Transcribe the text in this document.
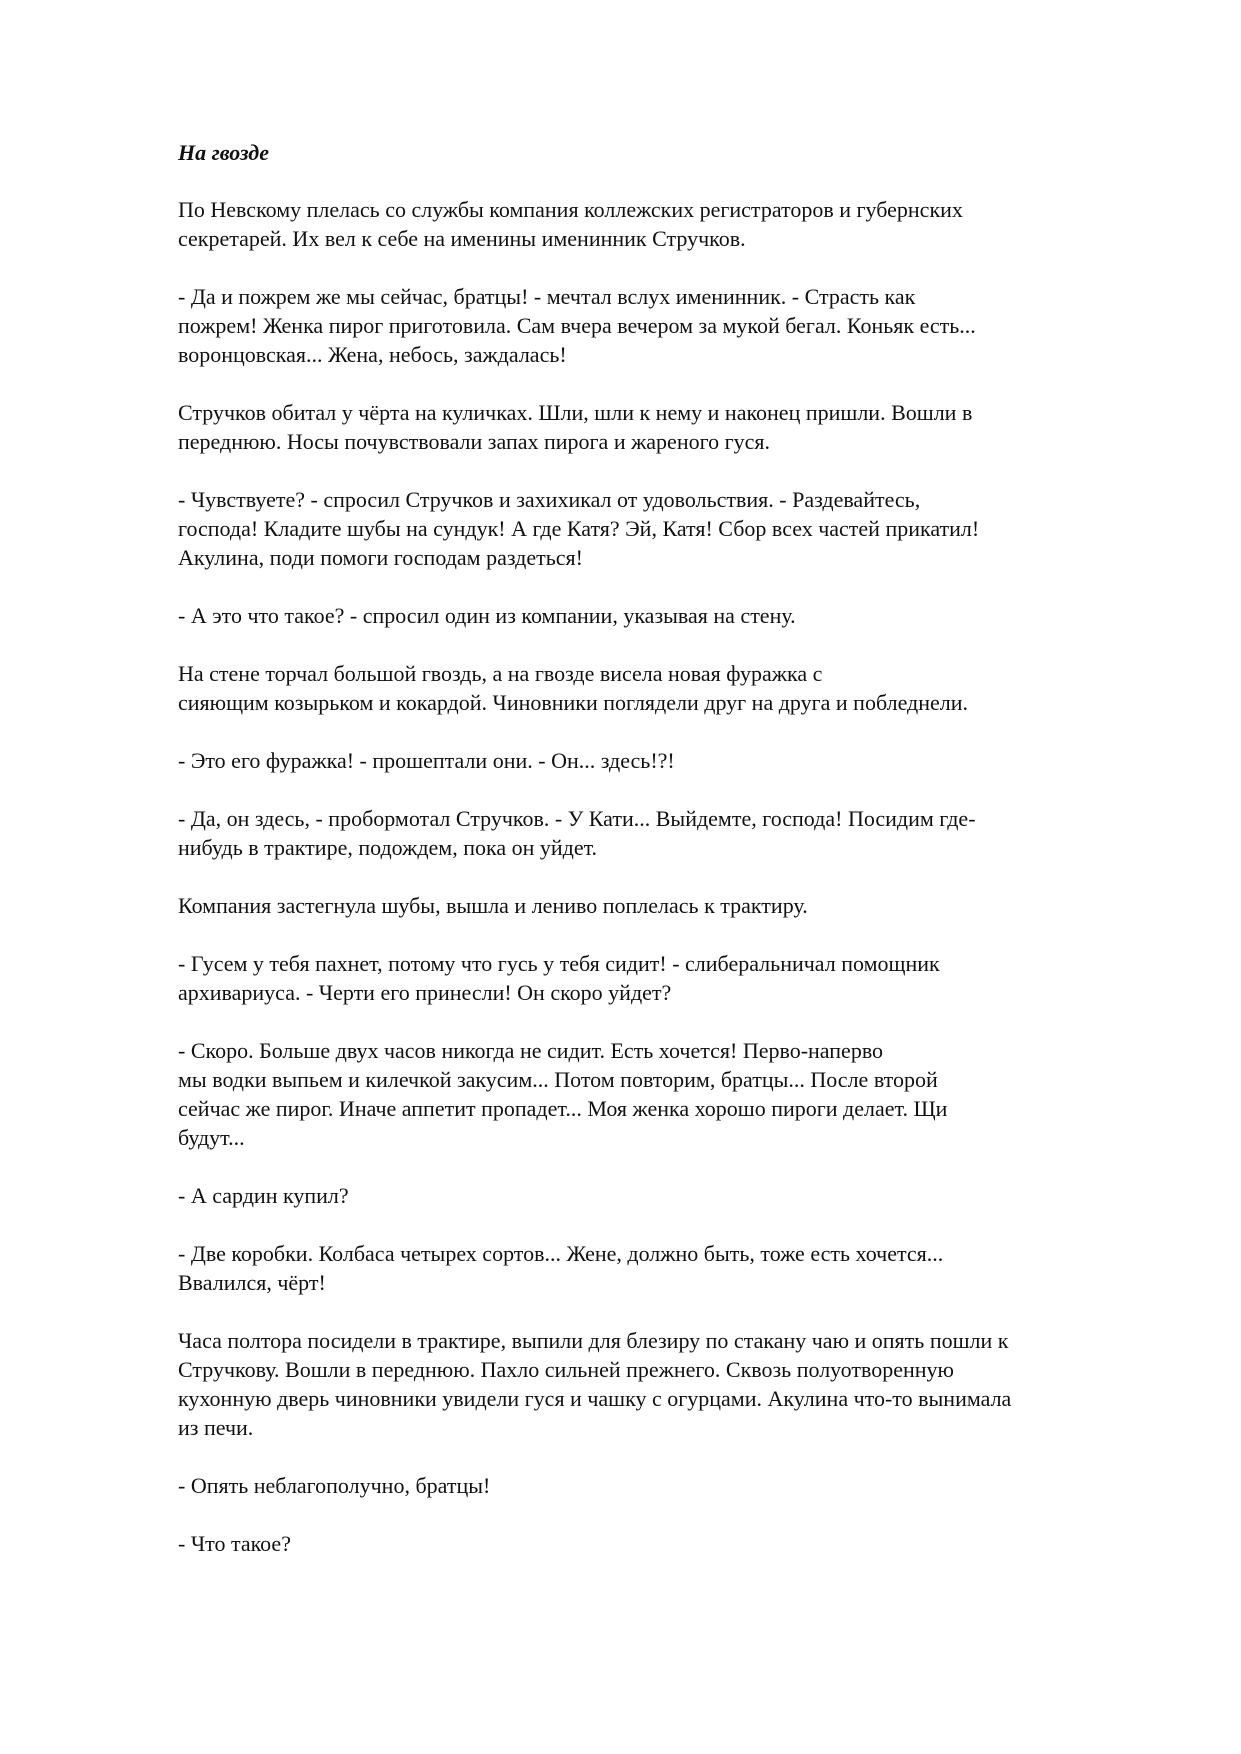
На гвозде
По Невскому плелась со службы компания коллежских регистраторов и губернских
секретарей. Их вел к себе на именины именинник Стручков.
- Да и пожрем же мы сейчас, братцы! - мечтал вслух именинник. - Страсть как
пожрем! Женка пирог приготовила. Сам вчера вечером за мукой бегал. Коньяк есть...
воронцовская... Жена, небось, заждалась!
Стручков обитал у чёрта на куличках. Шли, шли к нему и наконец пришли. Вошли в
переднюю. Носы почувствовали запах пирога и жареного гуся.
- Чувствуете? - спросил Стручков и захихикал от удовольствия. - Раздевайтесь,
господа! Кладите шубы на сундук! А где Катя? Эй, Катя! Сбор всех частей прикатил!
Акулина, поди помоги господам раздеться!
- А это что такое? - спросил один из компании, указывая на стену.
На стене торчал большой гвоздь, а на гвозде висела новая фуражка с
сияющим козырьком и кокардой. Чиновники поглядели друг на друга и побледнели.
- Это его фуражка! - прошептали они. - Он... здесь!?!
- Да, он здесь, - пробормотал Стручков. - У Кати... Выйдемте, господа! Посидим где-
нибудь в трактире, подождем, пока он уйдет.
Компания застегнула шубы, вышла и лениво поплелась к трактиру.
- Гусем у тебя пахнет, потому что гусь у тебя сидит! - слиберальничал помощник
архивариуса. - Черти его принесли! Он скоро уйдет?
- Скоро. Больше двух часов никогда не сидит. Есть хочется! Перво-наперво
мы водки выпьем и килечкой закусим... Потом повторим, братцы... После второй
сейчас же пирог. Иначе аппетит пропадет... Моя женка хорошо пироги делает. Щи
будут...
- А сардин купил?
- Две коробки. Колбаса четырех сортов... Жене, должно быть, тоже есть хочется...
Ввалился, чёрт!
Часа полтора посидели в трактире, выпили для блезиру по стакану чаю и опять пошли к
Стручкову. Вошли в переднюю. Пахло сильней прежнего. Сквозь полуотворенную
кухонную дверь чиновники увидели гуся и чашку с огурцами. Акулина что-то вынимала
из печи.
- Опять неблагополучно, братцы!
- Что такое?
